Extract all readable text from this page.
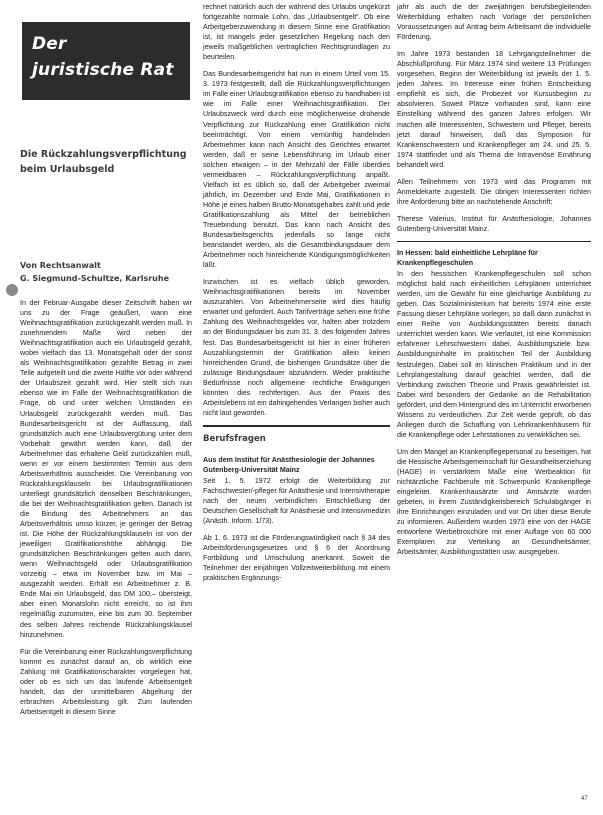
Der
juristische Rat
Die Rückzahlungsverpflichtung beim Urlaubsgeld
Von Rechtsanwalt
G. Siegmund-Schultze, Karlsruhe

In der Februar-Ausgabe dieser Zeitschrift haben wir uns zu der Frage geäußert, wann eine Weihnachtsgratifikation zurückgezahlt werden muß. In zunehmendem Maße wird neben der Weihnachtsgratifikation auch ein Urlaubsgeld gezahlt, wobei vielfach das 13. Monatsgehalt oder der sonst als Weihnachtsgratifikation gezahlte Betrag in zwei Teile aufgeteilt und die zweite Hälfte vor oder während der Urlaubszeit gezahlt wird. Hier stellt sich nun ebenso wie im Falle der Weihnachtsgratifikation die Frage, ob und unter welchen Umständen ein Urlaubsgeld zurückgezahlt werden muß. Das Bundesarbeitsgericht ist der Auffassung, daß grundsätzlich auch eine Urlaubsvergütung unter dem Vorbehalt gewährt werden kann, daß der Arbeitnehmer das erhaltene Geld zurückzahlen muß, wenn er vor einem bestimmten Termin aus dem Arbeitsverhältnis ausscheidet. Die Vereinbarung von Rückzahlungsklauseln bei Urlaubsgratifikationen unterliegt grundsätzlich denselben Beschränkungen, die bei der Weihnachtsgratifikation gelten. Danach ist die Bindung des Arbeitnehmers an das Arbeitsverhältnis umso kürzer, je geringer der Betrag ist. Die Höhe der Rückzahlungsklauseln ist von der jeweiligen Gratifikationshöhe abhängig. Die grundsätzlichen Beschränkungen gelten auch dann, wenn Weihnachtsgeld oder Urlaubsgratifikation vorzeitig – etwa im November bzw. im Mai – ausgezahlt werden. Erhält ein Arbeitnehmer z. B. Ende Mai ein Urlaubsgeld, das DM 100,– übersteigt, aber einen Monatslohn nicht erreicht, so ist ihm regelmäßig zuzumuten, eine bis zum 30. September des selben Jahres reichende Rückzahlungsklausel hinzunehmen.

Für die Vereinbarung einer Rückzahlungsverpflichtung kommt es zunächst darauf an, ob wirklich eine Zahlung mit Gratifikationscharakter vorgelegen hat, oder ob es sich um das laufende Arbeitsentgelt handelt, das der unmittelbaren Abgeltung der erbrachten Arbeitsleistung gilt. Zum laufenden Arbeitsentgelt in diesem Sinne

rechnet natürlich auch der während des Urlaubs ungekürzt fortgezahlte normale Lohn, das „Urlaubsentgelt“. Ob eine Arbeitgeberzuwendung in diesem Sinne eine Gratifikation ist, ist mangels jeder gesetzlichen Regelung nach den jeweils maßgeblichen vertraglichen Rechtsgrundlagen zu beurteilen.

Das Bundesarbeitsgericht hat nun in einem Urteil vom 15. 3. 1973 festgestellt, daß die Rückzahlungsverpflichtungen im Falle einer Urlaubsgratifikation ebenso zu handhaben ist wie im Falle einer Weihnachtsgratifikation. Der Urlaubszweck wird durch eine möglicherweise drohende Verpflichtung zur Rückzahlung einer Gratifikation nicht beeinträchtigt. Von einem vernünftig handelnden Arbeitnehmer kann nach Ansicht des Gerichtes erwartet werden, daß er seine Lebensführung im Urlaub einer solchen etwaigen – in der Mehrzahl der Fälle überdies vermeidbaren – Rückzahlungsverpflichtung anpaßt. Vielfach ist es üblich so, daß der Arbeitgeber zweimal jährlich, im Dezember und Ende Mai, Gratifikationen in Höhe je eines halben Brutto-Monatsgehaltes zahlt und jede Gratifikationszahlung als Mittel der betrieblichen Treuebindung benutzt. Das kann nach Ansicht des Bundesarbeitsgerichts jedenfalls so lange nicht beanstandet werden, als die Gesamtbindungsdauer dem Arbeitnehmer noch hinreichende Kündigungsmöglichkeiten läßt.

Inzwischen ist es vielfach üblich geworden, Weihnachtsgratifikationen bereits im November auszuzahlen. Von Arbeitnehmerseite wird dies häufig erwartet und gefordert. Auch Tarifverträge sehen eine frühe Zahlung des Weihnachtsgeldes vor, halten aber trotzdem an der Bindungsdauer bis zum 31. 3. des folgenden Jahres fest. Das Bundesarbeitsgericht ist hier in einer früheren Auszahlungstermin der Gratifikation allein keinen hinreichenden Grund, die bisherigen Grundsätze über die zulässige Bindungsdauer abzuändern. Weder praktische Bedürfnisse noch allgemeine rechtliche Erwägungen könnten dies rechtfertigen. Aus der Praxis des Arbeitslebens ist ein dahingehendes Verlangen bisher auch nicht laut geworden.

Berufsfragen
Aus dem Institut für Anästhesiologie der Johannes Gutenberg-Universität Mainz

Seit 1. 5. 1972 erfolgt die Weiterbildung zur Fachschwester/-pfleger für Anästhesie und Intensivtherapie nach der neuen verbindlichen Entschließung der Deutschen Gesellschaft für Anästhesie und Intensivmedizin (Anästh. Inform. 1/73).

Ab 1. 6. 1973 ist die Förderungswürdigkeit nach § 34 des Arbeitsförderungsgesetzes und § 6 der Anordnung Fortbildung und Umschulung anerkannt. Soweit die Teilnehmer der einjährigen Vollzeitweiterbildung mit einem praktischen Ergänzungs-

jahr als auch die der zweijährigen berufsbegleitenden Weiterbildung erhalten nach Vorlage der persönlichen Voraussetzungen auf Antrag beim Arbeitsamt die individuelle Förderung.

Im Jahre 1973 bestanden 18 Lehrgangsteilnehmer die Abschlußprüfung. Für März 1974 sind weitere 13 Prüfungen vorgesehen. Beginn der Weiterbildung ist jeweils der 1. 5. jeden Jahres. Im Interesse einer frühen Entscheidung empfiehlt es sich, die Probezeit vor Kursusbeginn zu absolvieren. Soweit Plätze vorhanden sind, kann eine Einstellung während des ganzen Jahres erfolgen. Wir machen alle Interessenten, Schwestern und Pfleger, bereits jetzt darauf hinweisen, daß das Symposion für Krankenschwestern und Krankenpfleger am 24. und 25. 5. 1974 stattfindet und als Thema die Intravenöse Ernährung behandelt wird.

Allen Teilnehmern von 1973 wird das Programm mit Anmeldekarte zugestellt. Die übrigen Interessenten richten ihre Anforderung bitte an nachstehende Anschrift:

Therese Valerius, Institut für Anästhesiologie, Johannes Gutenberg-Universität Mainz.

In Hessen: bald einheitliche Lehrpläne für Krankenpflegeschulen

In den hessischen Krankenpflegeschulen soll schon möglichst bald nach einheitlichen Lehrplänen unterrichtet werden, um die Gewähr für eine gleichartige Ausbildung zu geben. Das Sozialministerium hat bereits 1974 eine erste Fassung dieser Lehrpläne vorlegen, so daß dann zunächst in einer Reihe von Ausbildungsstätten bereits danach unterrichtet werden kann. Wie verlautet, ist eine Kommission erfahrener Lehrschwestern dabei, Ausbildungsziele bzw. Ausbildungsinhalte im praktischen Teil der Ausbildung festzulegen. Dabei soll im klinischen Praktikum und in der Lehrplangestaltung darauf geachtet werden, daß die Verbindung zwischen Theorie und Praxis gewährleistet ist. Dabei wird besonders der Gedanke an die Rehabilitation gefördert, und dem Hintergrund des im Unterricht erworbenen Wissens zu verdeutlichen. Zur Zeit werde geprüft, ob das Anliegen durch die Schaffung von Lehrkrankenhäusern für die Krankenpflege oder Lehrstationen zu verwirklichen sei.

Um den Mangel an Krankenpflegepersonal zu beseitigen, hat die Hessische Arbeitsgemeinschaft für Gesundheitserziehung (HAGE) in verstärktem Maße eine Werbeaktion für nichtärztliche Fachberufe mit Schwerpunkt Krankenpflege eingeleitet. Krankenhausärzte und Amtsärzte wurden gebeten, in ihrem Zuständigkeitsbereich Schulabgänger in ihre Einrichtungen einzuladen und vor Ort über diese Berufe zu informieren. Außerdem wurden 1973 eine von der HAGE entworfene Werbebroschüre mit einer Auflage von 60 000 Exemplaren zur Verteilung an Gesundheitsämter, Arbeitsämter, Ausbildungsstätten usw. ausgegeben.

47
